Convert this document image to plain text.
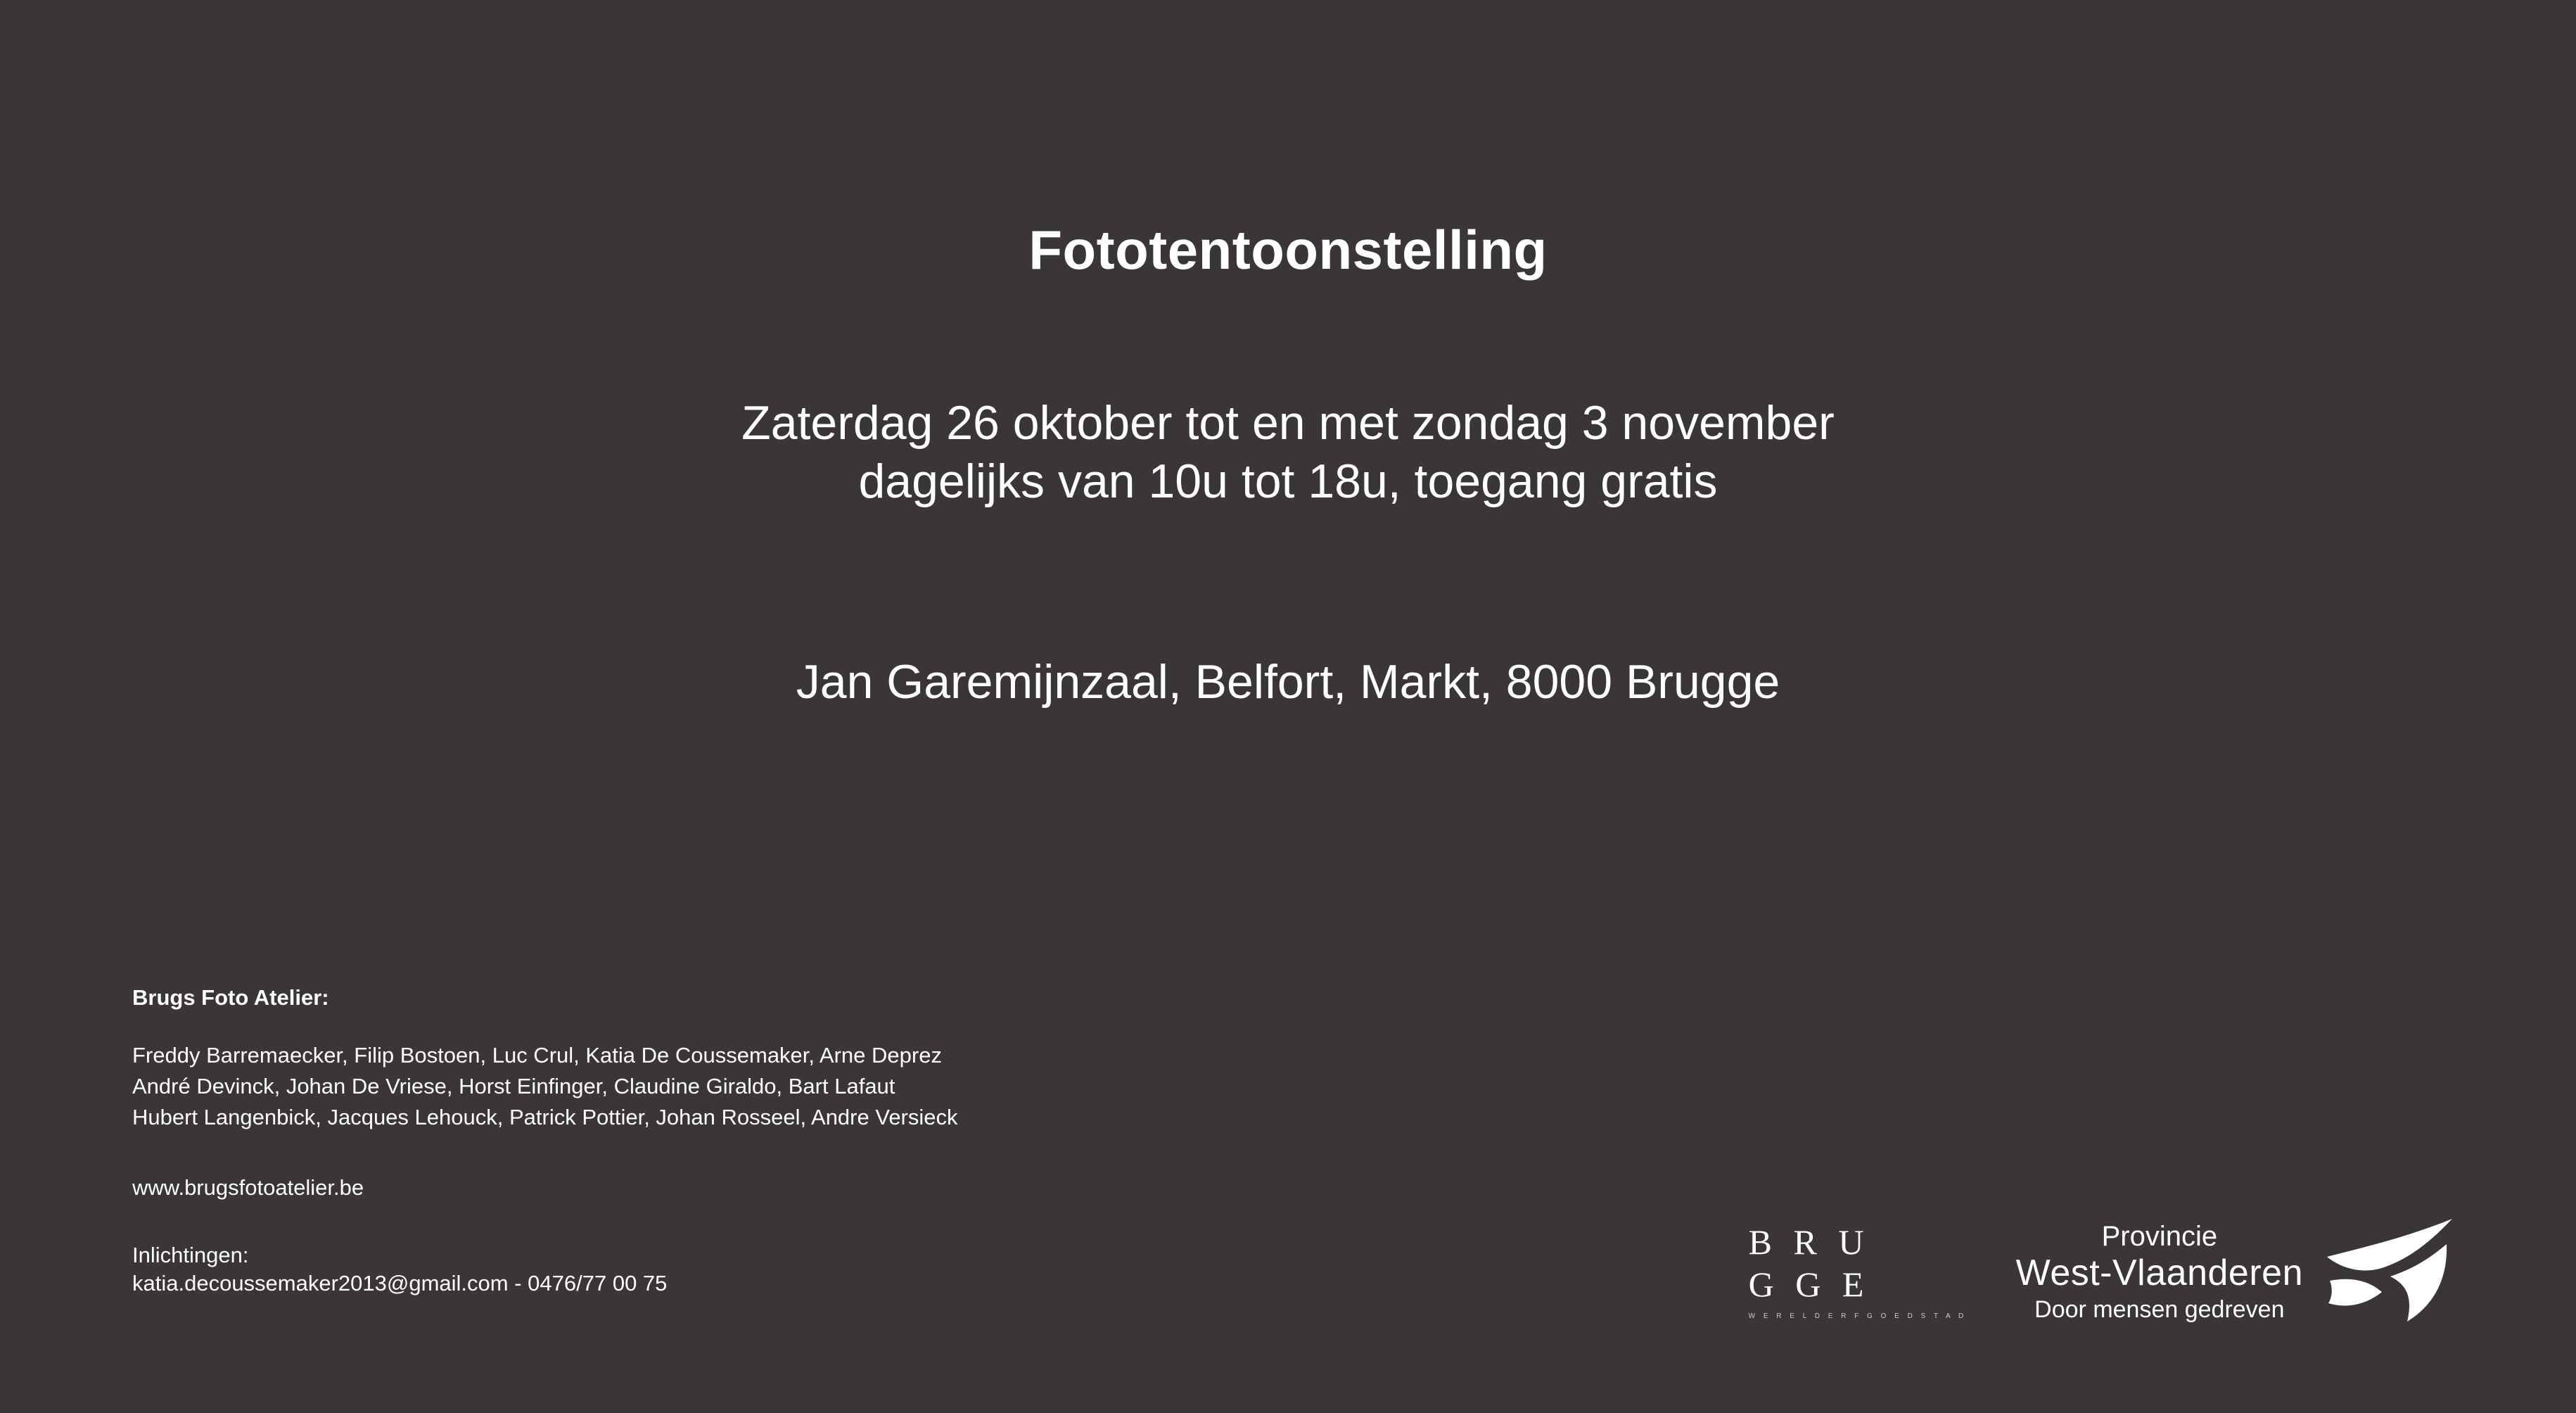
Fototentoonstelling
Zaterdag 26 oktober tot en met zondag 3 november
dagelijks van 10u tot 18u, toegang gratis
Jan Garemijnzaal, Belfort, Markt, 8000 Brugge

Brugs Foto Atelier:

Freddy Barremaecker, Filip Bostoen, Luc Crul, Katia De Coussemaker, Arne Deprez

André Devinck, Johan De Vriese, Horst Einfinger, Claudine Giraldo, Bart Lafaut

Hubert Langenbick, Jacques Lehouck, Patrick Pottier, Johan Rosseel, Andre Versieck

www.brugsfotoatelier.be
Inlichtingen:
katia.decoussemaker2013@gmail.com - 0476/77 00 75
B R U
G G E
W E R E L D E R F G O E D S T A D
Provincie
West-Vlaanderen
Door mensen gedreven
